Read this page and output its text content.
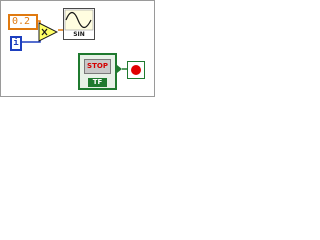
0.2
i
SIN
STOP
TF
